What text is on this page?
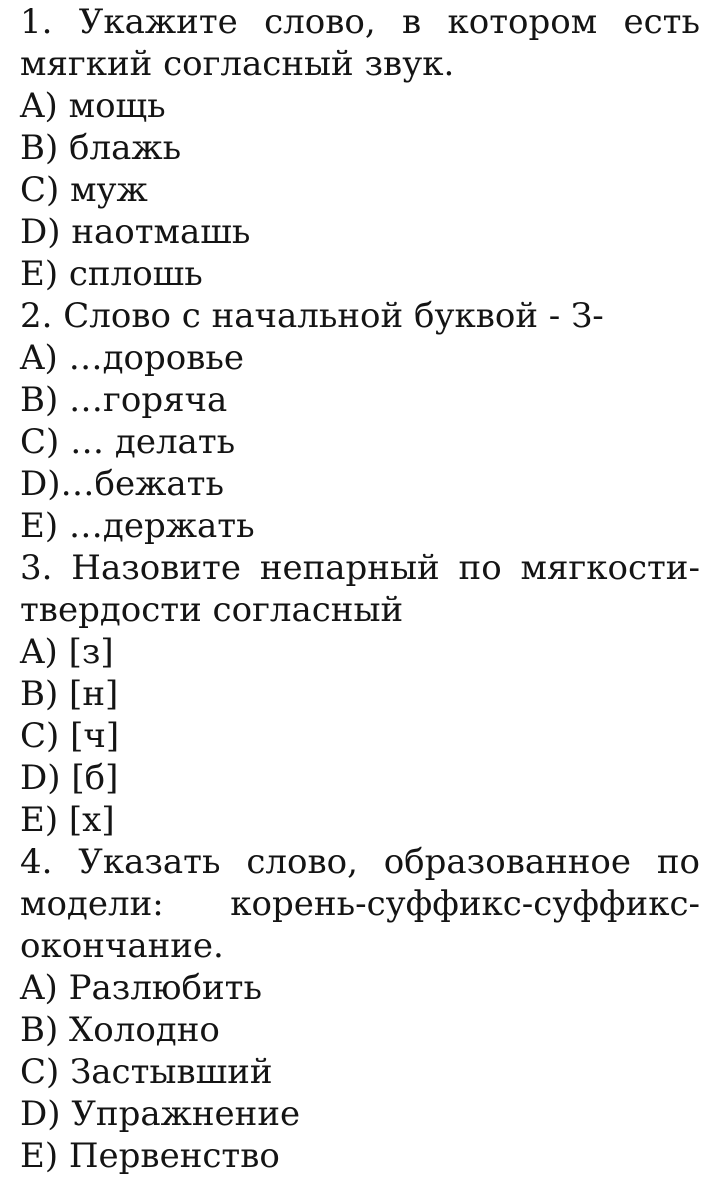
1. Укажите слово, в котором есть
мягкий согласный звук.
A) мощь
B) блажь
C) муж
D) наотмашь
E) сплошь
2. Слово с начальной буквой - З-
A) …доровье
B) …горяча
C) … делать
D)…бежать
E) …держать
3. Назовите непарный по мягкости-
твердости согласный
A) [з]
B) [н]
C) [ч]
D) [б]
E) [х]
4. Указать слово, образованное по
модели: корень-суффикс-суффикс-
окончание.
A) Разлюбить
B) Холодно
C) Застывший
D) Упражнение
E) Первенство
